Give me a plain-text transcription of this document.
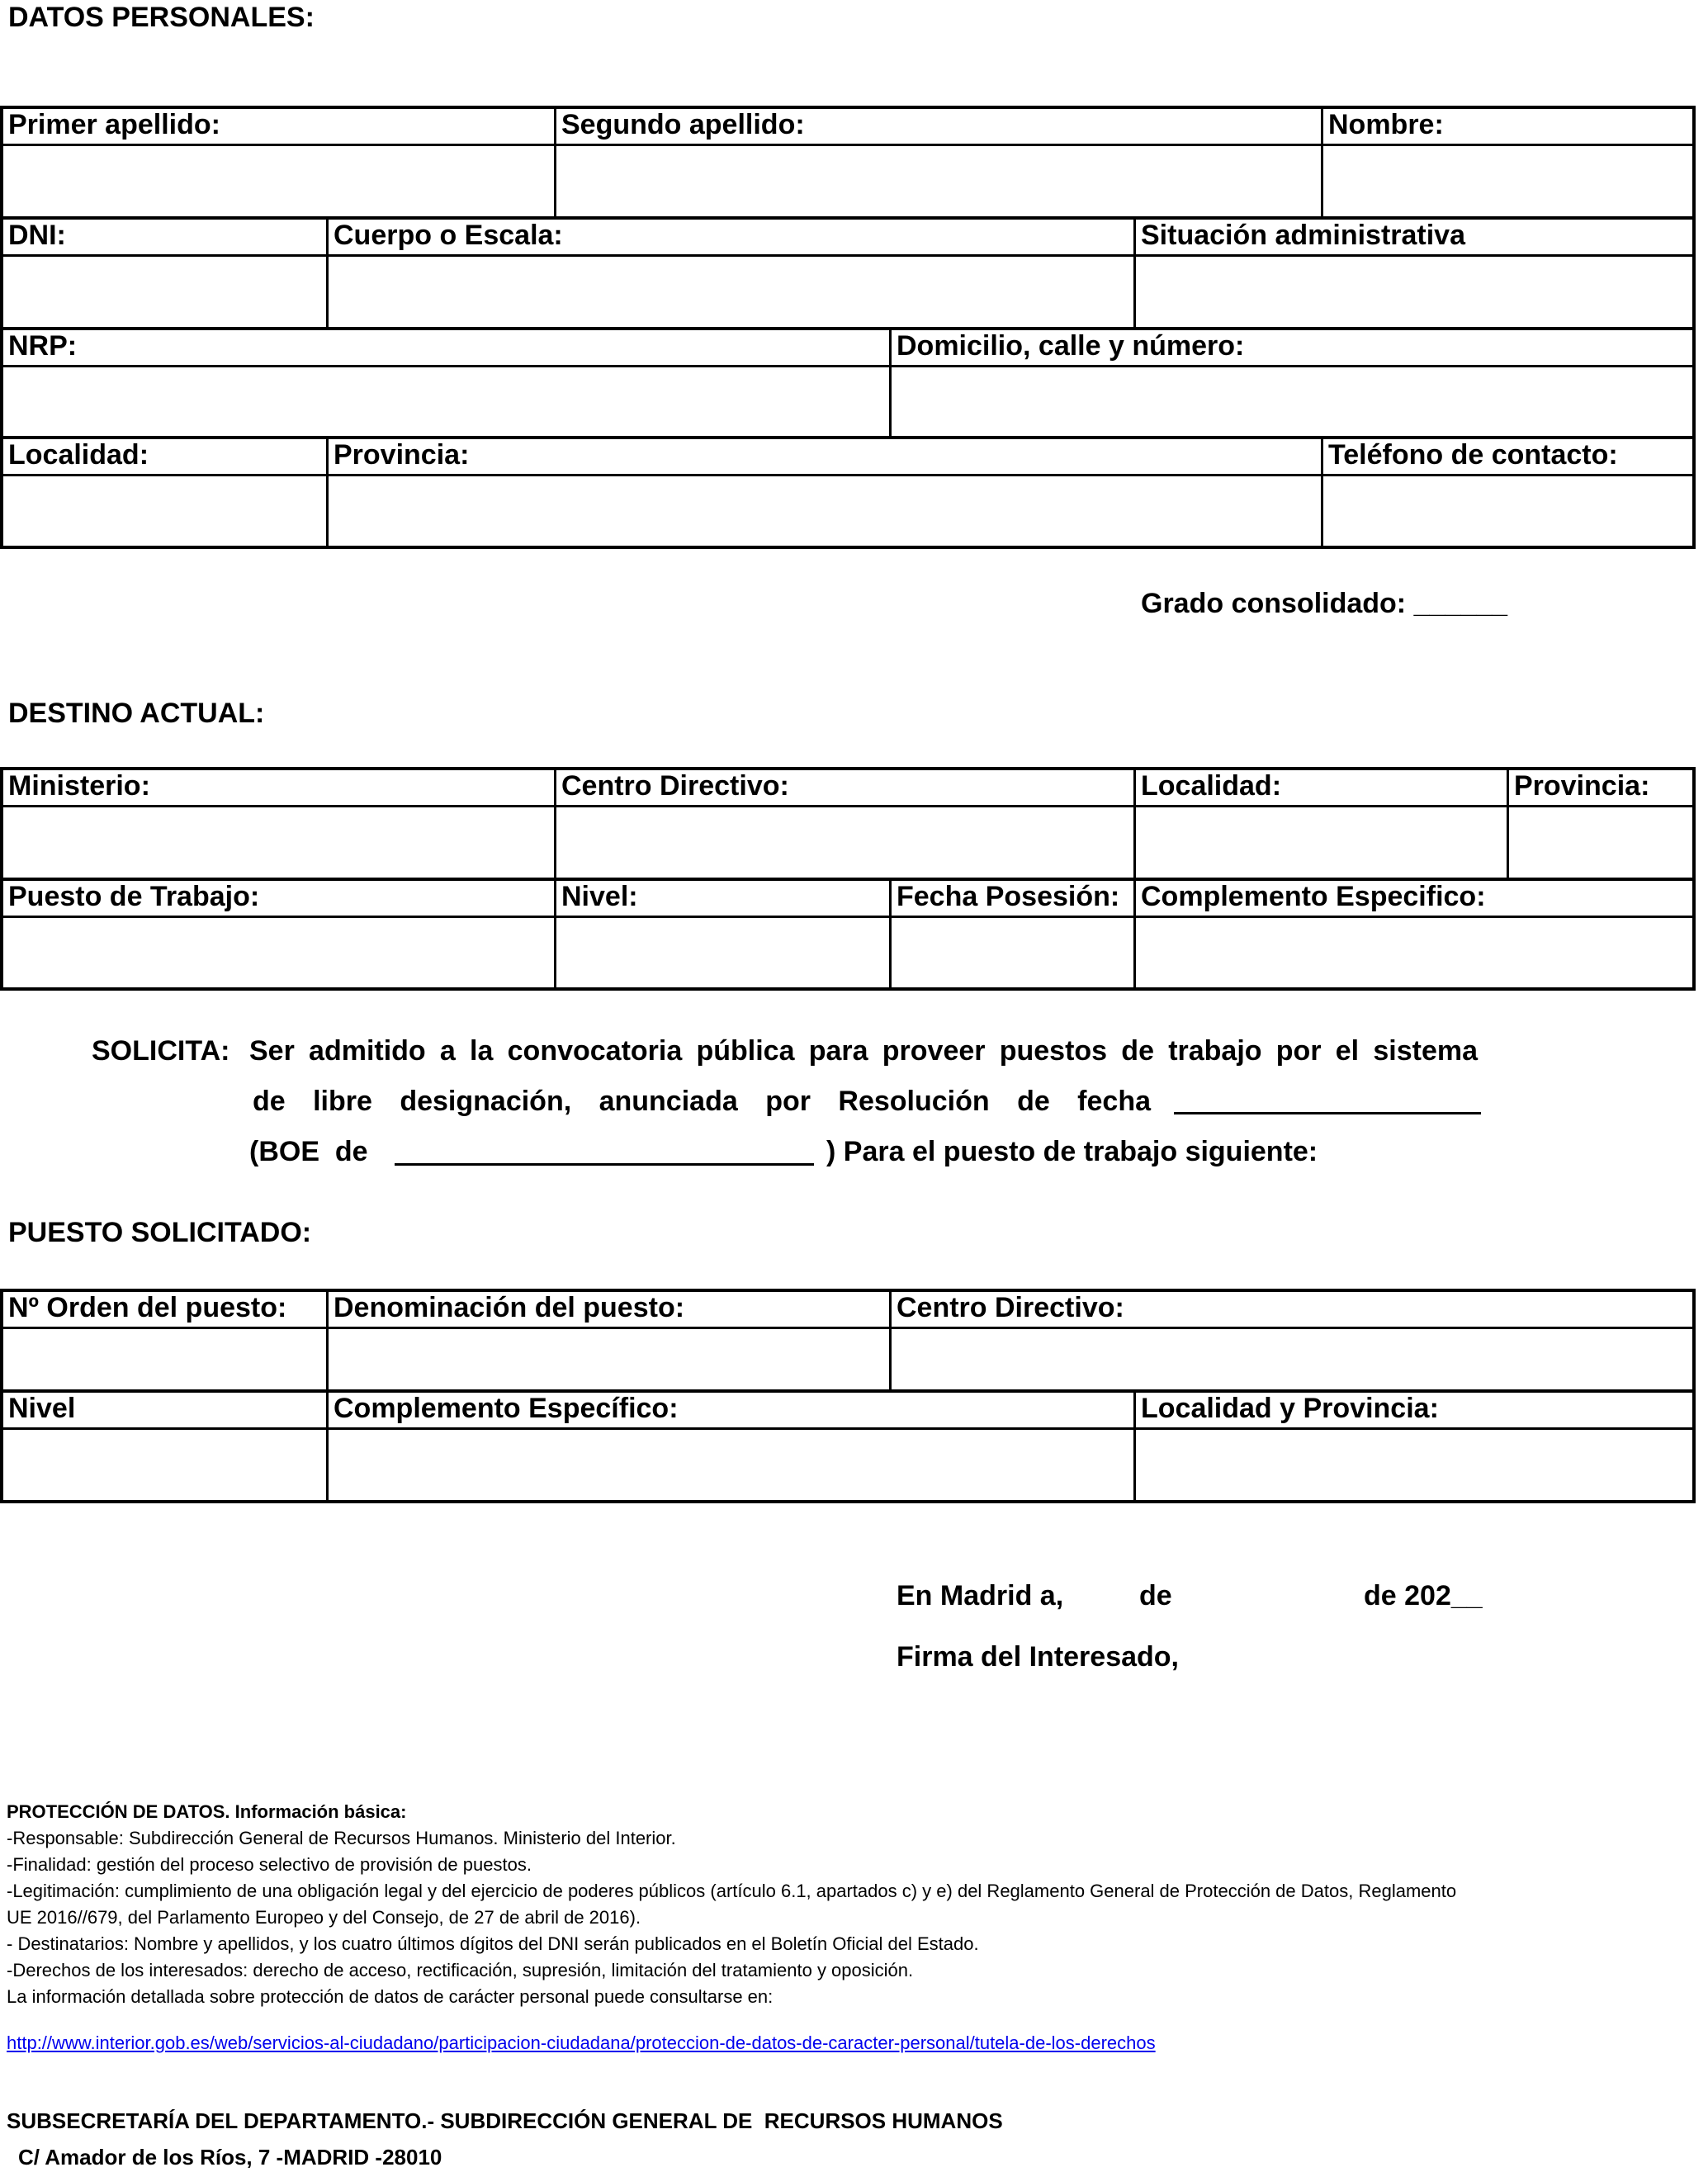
DATOS PERSONALES:
Primer apellido:	Segundo apellido:	Nombre:
DNI:	Cuerpo o Escala:	Situación administrativa
NRP:	Domicilio, calle y número:
Localidad:	Provincia:	Teléfono de contacto:
Grado consolidado: ______
DESTINO ACTUAL:
Ministerio:	Centro Directivo:	Localidad:	Provincia:
Puesto de Trabajo:	Nivel:	Fecha Posesión: Complemento Especifico:
SOLICITA: Ser admitido a la convocatoria pública para proveer puestos de trabajo por el sistema
de libre designación, anunciada por Resolución de fecha
(BOE  de	) Para el puesto de trabajo siguiente:
PUESTO SOLICITADO:
Nº Orden del puesto: Denominación del puesto:	Centro Directivo:
Nivel	Complemento Específico:	Localidad y Provincia:
En Madrid a,	de	de 202__
Firma del Interesado,
PROTECCIÓN DE DATOS. Información básica:
-Responsable: Subdirección General de Recursos Humanos. Ministerio del Interior.
-Finalidad: gestión del proceso selectivo de provisión de puestos.
-Legitimación: cumplimiento de una obligación legal y del ejercicio de poderes públicos (artículo 6.1, apartados c) y e) del Reglamento General de Protección de Datos, Reglamento
UE 2016//679, del Parlamento Europeo y del Consejo, de 27 de abril de 2016).
- Destinatarios: Nombre y apellidos, y los cuatro últimos dígitos del DNI serán publicados en el Boletín Oficial del Estado.
-Derechos de los interesados: derecho de acceso, rectificación, supresión, limitación del tratamiento y oposición.
La información detallada sobre protección de datos de carácter personal puede consultarse en:
http://www.interior.gob.es/web/servicios-al-ciudadano/participacion-ciudadana/proteccion-de-datos-de-caracter-personal/tutela-de-los-derechos
SUBSECRETARÍA DEL DEPARTAMENTO.- SUBDIRECCIÓN GENERAL DE  RECURSOS HUMANOS
C/ Amador de los Ríos, 7 -MADRID -28010
